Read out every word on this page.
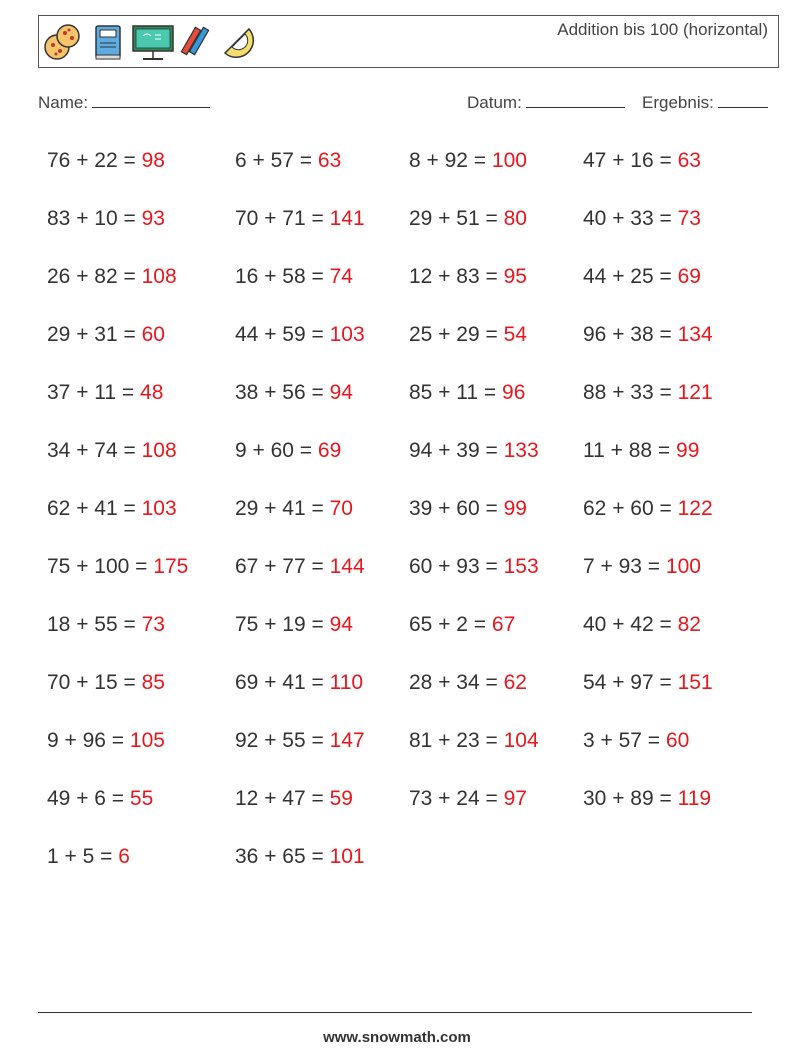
Addition bis 100 (horizontal)
Name:	Datum:	Ergebnis:
76 + 22 = 98	6 + 57 = 63	8 + 92 = 100	47 + 16 = 63
83 + 10 = 93	70 + 71 = 141	29 + 51 = 80	40 + 33 = 73
26 + 82 = 108	16 + 58 = 74	12 + 83 = 95	44 + 25 = 69
29 + 31 = 60	44 + 59 = 103	25 + 29 = 54	96 + 38 = 134
37 + 11 = 48	38 + 56 = 94	85 + 11 = 96	88 + 33 = 121
34 + 74 = 108	9 + 60 = 69	94 + 39 = 133	11 + 88 = 99
62 + 41 = 103	29 + 41 = 70	39 + 60 = 99	62 + 60 = 122
75 + 100 = 175	67 + 77 = 144	60 + 93 = 153	7 + 93 = 100
18 + 55 = 73	75 + 19 = 94	65 + 2 = 67	40 + 42 = 82
70 + 15 = 85	69 + 41 = 110	28 + 34 = 62	54 + 97 = 151
9 + 96 = 105	92 + 55 = 147	81 + 23 = 104	3 + 57 = 60
49 + 6 = 55	12 + 47 = 59	73 + 24 = 97	30 + 89 = 119
1 + 5 = 6	36 + 65 = 101
www.snowmath.com
